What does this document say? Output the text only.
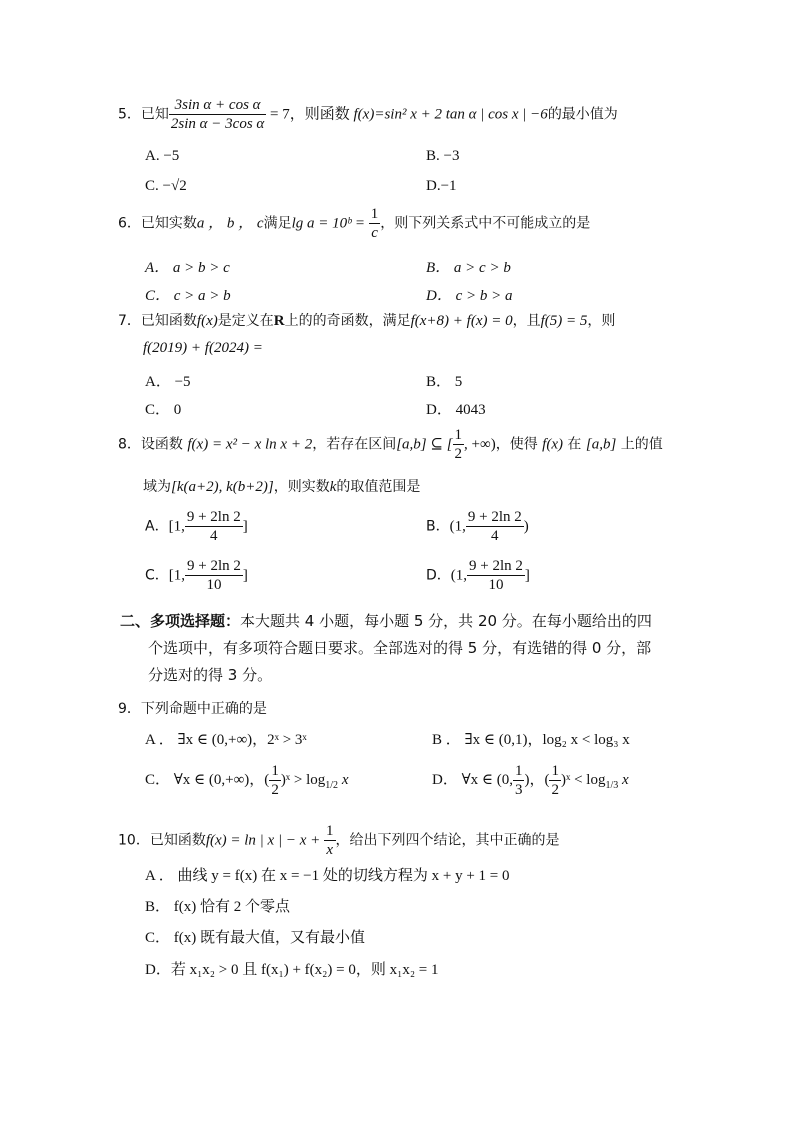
5．已知 $\frac{\text{3sin α + cos α}}{\text{2sin α − 3cos α}} = 7$，则函数 f(x)=sin² x + 2 tan α | cos x | −6的最小值为
A. −5	B. −3
C. −√2	D.−1
6．已知实数a ， b ， c满足lg a = 10ᵇ = $\frac{1}{c}$ ，则下列关系式中不可能成立的是
A． a > b > c	B． a > c > b
C． c > a > b	D． c > b > a
7．已知函数f(x)是定义在R上的的奇函数，满足f(x+8) + f(x) = 0，且f(5) = 5，则
f(2019) + f(2024) =
A． −5	B． 5
C． 0	D． 4043
8．设函数 f(x) = x² − x ln x + 2，若存在区间[a,b] ⊆ [ $\frac{1}{2}$ , +∞)，使得 f(x) 在 [a,b] 上的值
域为[k(a+2), k(b+2)]，则实数k的取值范围是
A．[1, $\frac{9 + 2\ln 2}{4}$ ]	B．(1, $\frac{9 + 2\ln 2}{4}$ )
C．[1, $\frac{9 + 2\ln 2}{10}$ ]	D．(1, $\frac{9 + 2\ln 2}{10}$ ]
二、多项选择题：本大题共 4 小题，每小题 5 分，共 20 分。在每小题给出的四
个选项中，有多项符合题日要求。全部选对的得 5 分，有选错的得 0 分，部
分选对的得 3 分。
9．下列命题中正确的是
A ． ∃x ∈ (0,+∞)，2ˣ > 3ˣ	B ． ∃x ∈ (0,1)，log₂ x < log₃ x
C． ∀x ∈ (0,+∞)，( $\frac{1}{2}$ )ˣ > $\log_{1/2} x$	D． ∀x ∈ (0, $\frac{1}{3}$ )，( $\frac{1}{2}$ )ˣ < $\log_{1/3} x$
10．已知函数f(x) = ln | x | − $x + \frac{1}{x}$ ，给出下列四个结论，其中正确的是
A ． 曲线 y = f(x) 在 x = −1 处的切线方程为 x + y + 1 = 0
B． f(x) 恰有 2 个零点
C． f(x) 既有最大值，又有最小值
D．若 x₁x₂ > 0 且 f(x₁) + f(x₂) = 0，则 x₁x₂ = 1
